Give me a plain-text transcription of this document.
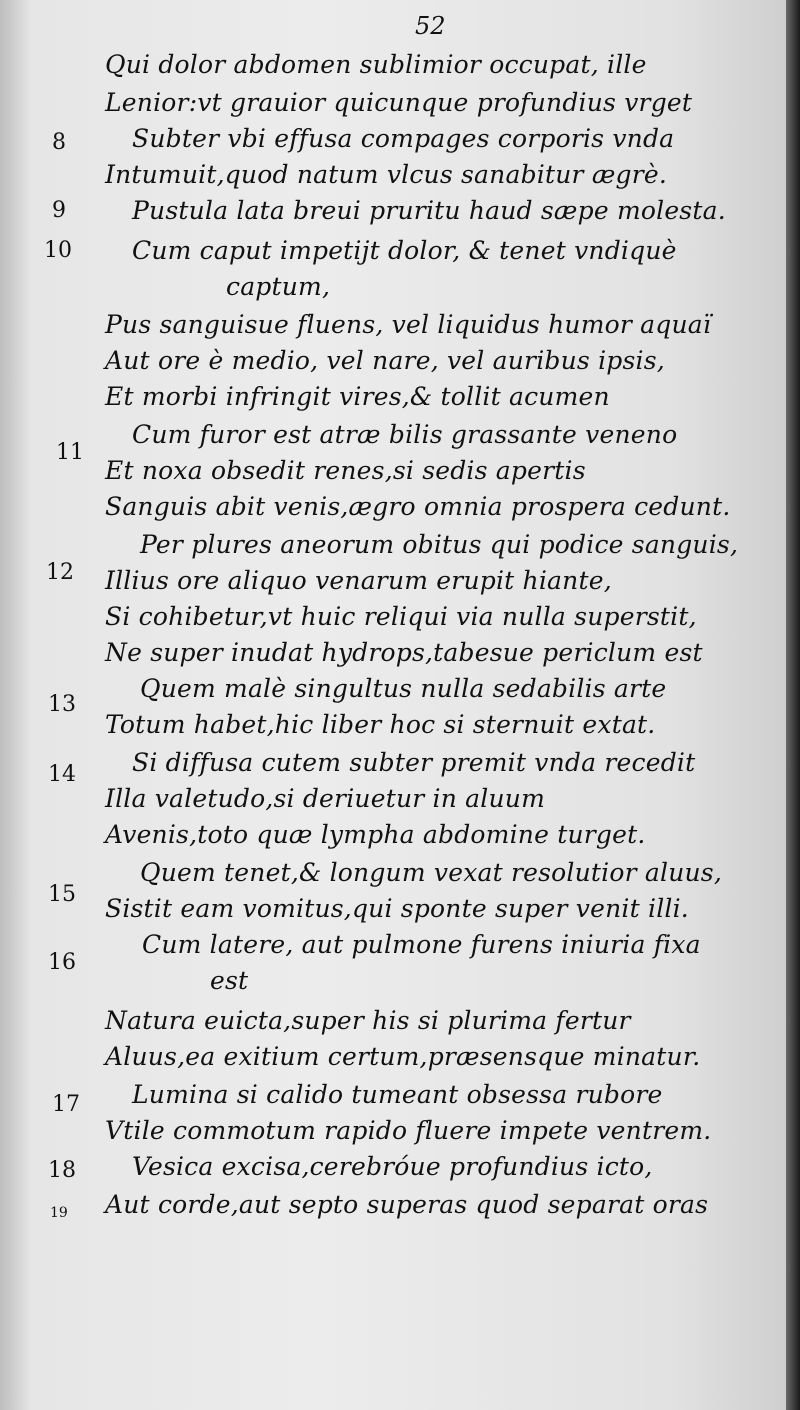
52
8
9
10
11
12
13
14
15
16
17
18
19
Qui dolor abdomen sublimior occupat, ille
Lenior:vt grauior quicunque profundius vrget
Subter vbi effusa compages corporis vnda
Intumuit,quod natum vlcus sanabitur ægrè.
Pustula lata breui pruritu haud sæpe molesta.
Cum caput impetijt dolor, & tenet vndiquè
captum,
Pus sanguisue fluens, vel liquidus humor aquaï
Aut ore è medio, vel nare, vel auribus ipsis,
Et morbi infringit vires,& tollit acumen
Cum furor est atræ bilis grassante veneno
Et noxa obsedit renes,si sedis apertis
Sanguis abit venis,ægro omnia prospera cedunt.
Per plures aneorum obitus qui podice sanguis,
Illius ore aliquo venarum erupit hiante,
Si cohibetur,vt huic reliqui via nulla superstit,
Ne super inudat hydrops,tabesue periclum est
Quem malè singultus nulla sedabilis arte
Totum habet,hic liber hoc si sternuit extat.
Si diffusa cutem subter premit vnda recedit
Illa valetudo,si deriuetur in aluum
Avenis,toto quæ lympha abdomine turget.
Quem tenet,& longum vexat resolutior aluus,
Sistit eam vomitus,qui sponte super venit illi.
Cum latere, aut pulmone furens iniuria fixa
est
Natura euicta,super his si plurima fertur
Aluus,ea exitium certum,præsensque minatur.
Lumina si calido tumeant obsessa rubore
Vtile commotum rapido fluere impete ventrem.
Vesica excisa,cerebróue profundius icto,
Aut corde,aut septo superas quod separat oras
